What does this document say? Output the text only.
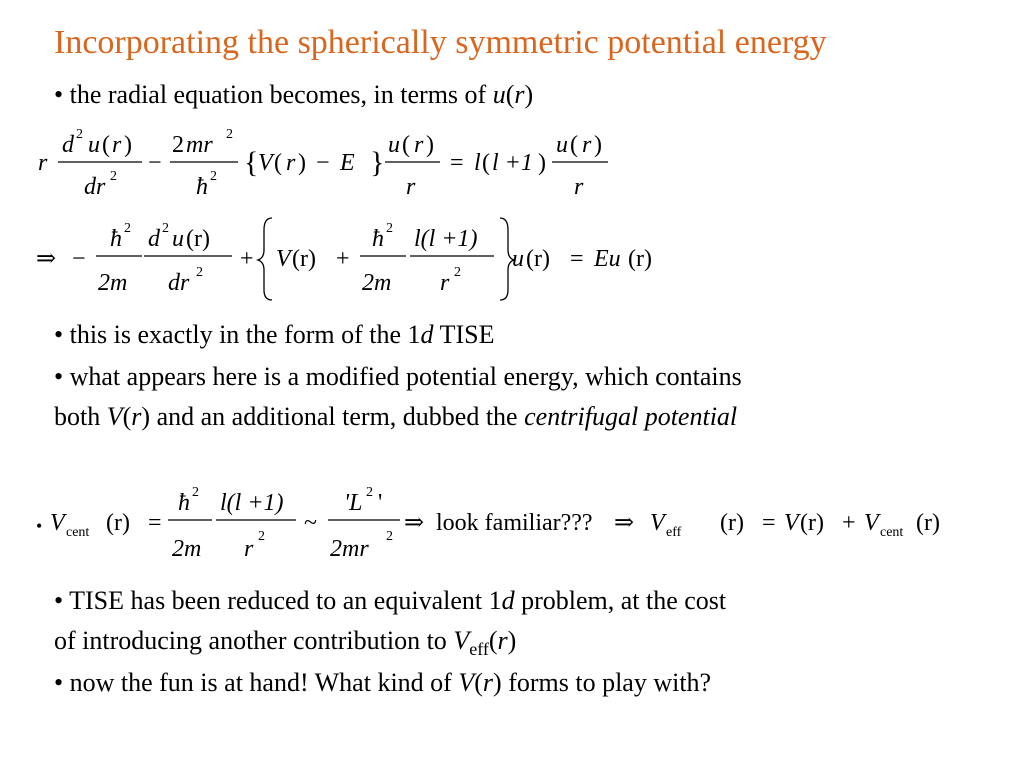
Incorporating the spherically symmetric potential energy
• the radial equation becomes, in terms of u(r)
r
d 2 u ( r )
dr 2
−
2 mr 2
ħ 2 { V ( r ) − E }
u ( r )
r
= l ( l +1 )
u ( r )
r
⇒ −
ħ 2
2m
d 2 u (r)
dr 2
+ V (r) +
ħ 2
2m
l(l +1)
r 2
u (r) = Eu (r)
• V cent (r) =
ħ 2
2m
l(l +1)
r 2
~
'L 2 '
2mr 2
⇒ look familiar??? ⇒ V eff (r) = V (r) + V cent (r)
• this is exactly in the form of the 1d TISE
• what appears here is a modified potential energy, which contains
both V(r) and an additional term, dubbed the centrifugal potential
• TISE has been reduced to an equivalent 1d problem, at the cost
of introducing another contribution to $V_{eff}(r)$
• now the fun is at hand! What kind of V(r) forms to play with?
